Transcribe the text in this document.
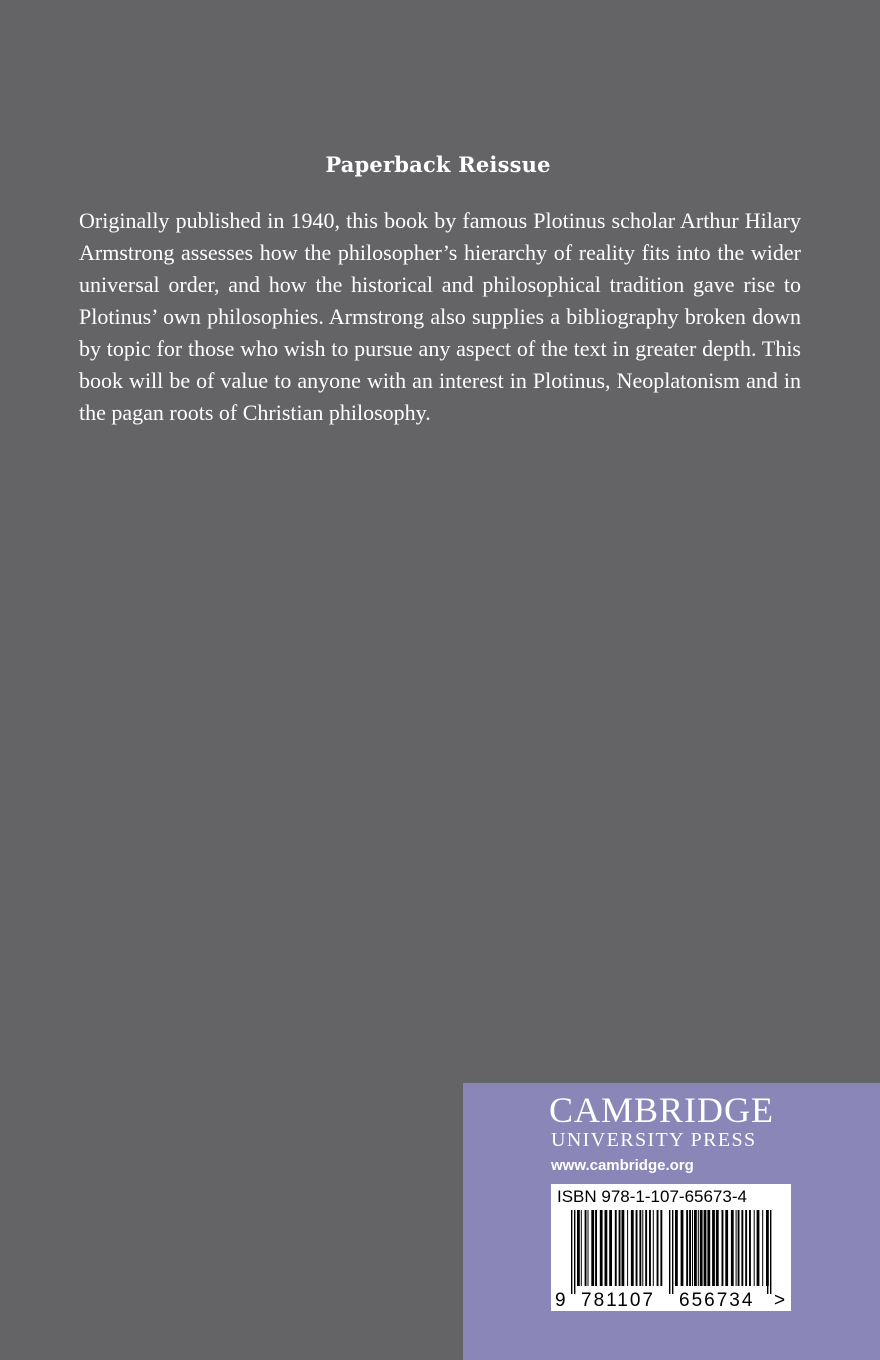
Paperback Reissue

Originally published in 1940, this book by famous Plotinus scholar Arthur Hilary Armstrong assesses how the philosopher’s hierarchy of reality fits into the wider universal order, and how the historical and philosophical tradition gave rise to Plotinus’ own philosophies. Armstrong also supplies a bibliography broken down by topic for those who wish to pursue any aspect of the text in greater depth. This book will be of value to anyone with an interest in Plotinus, Neoplatonism and in the pagan roots of Christian philosophy.

CAMBRIDGE
UNIVERSITY PRESS
www.cambridge.org
ISBN 978-1-107-65673-4
9 781107 656734 >
